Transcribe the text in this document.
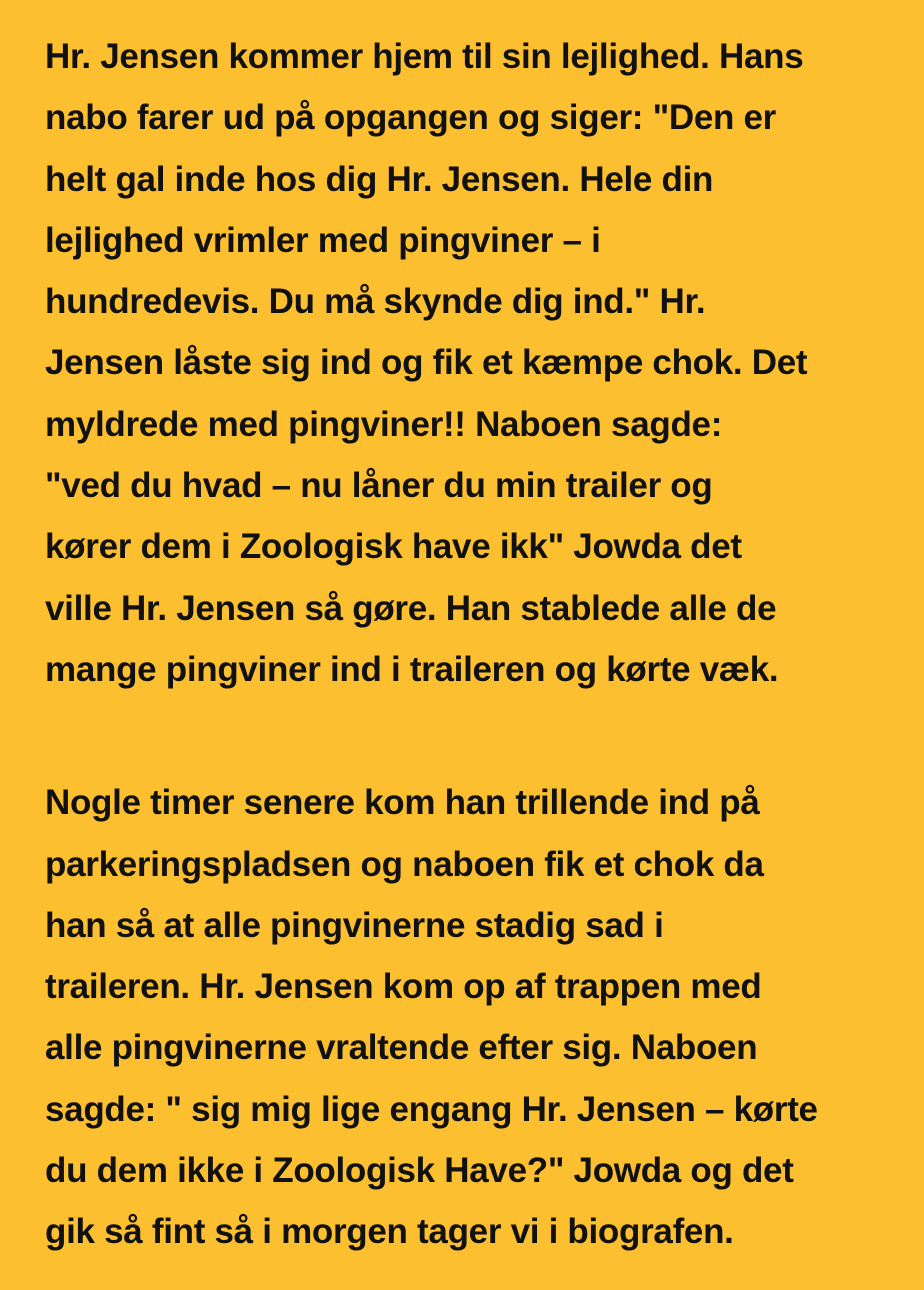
Hr. Jensen kommer hjem til sin lejlighed. Hans
nabo farer ud på opgangen og siger: "Den er
helt gal inde hos dig Hr. Jensen. Hele din
lejlighed vrimler med pingviner – i
hundredevis. Du må skynde dig ind." Hr.
Jensen låste sig ind og fik et kæmpe chok. Det
myldrede med pingviner!! Naboen sagde:
"ved du hvad – nu låner du min trailer og
kører dem i Zoologisk have ikk" Jowda det
ville Hr. Jensen så gøre. Han stablede alle de
mange pingviner ind i traileren og kørte væk.

Nogle timer senere kom han trillende ind på
parkeringspladsen og naboen fik et chok da
han så at alle pingvinerne stadig sad i
traileren. Hr. Jensen kom op af trappen med
alle pingvinerne vraltende efter sig. Naboen
sagde: " sig mig lige engang Hr. Jensen – kørte
du dem ikke i Zoologisk Have?" Jowda og det
gik så fint så i morgen tager vi i biografen.
